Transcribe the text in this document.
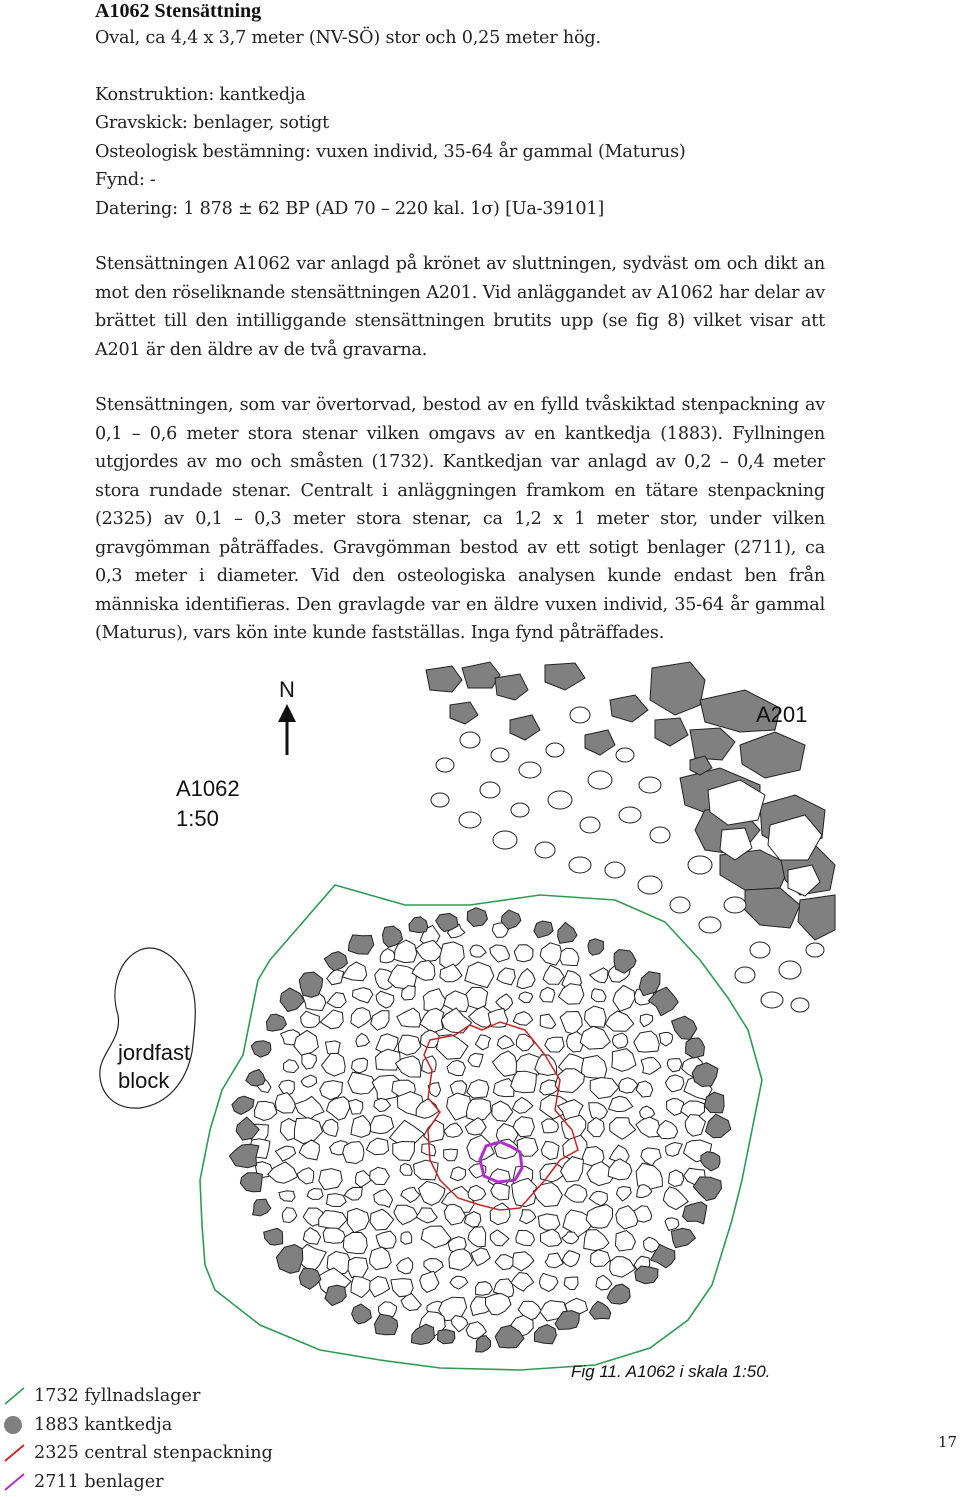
A1062 Stensättning

Oval, ca 4,4 x 3,7 meter (NV-SÖ) stor och 0,25 meter hög.

Konstruktion: kantkedja

Gravskick: benlager, sotigt

Osteologisk bestämning: vuxen individ, 35-64 år gammal (Maturus)

Fynd: -

Datering: 1 878 ± 62 BP (AD 70 – 220 kal. 1σ) [Ua-39101]

Stensättningen A1062 var anlagd på krönet av sluttningen, sydväst om och dikt an mot den röseliknande stensättningen A201. Vid anläggandet av A1062 har delar av brättet till den intilliggande stensättningen brutits upp (se fig 8) vilket visar att A201 är den äldre av de två gravarna.

Stensättningen, som var övertorvad, bestod av en fylld tvåskiktad stenpackning av 0,1 – 0,6 meter stora stenar vilken omgavs av en kantkedja (1883). Fyllningen utgjordes av mo och småsten (1732). Kantkedjan var anlagd av 0,2 – 0,4 meter stora rundade stenar. Centralt i anläggningen framkom en tätare stenpackning (2325) av 0,1 – 0,3 meter stora stenar, ca 1,2 x 1 meter stor, under vilken gravgömman påträffades. Gravgömman bestod av ett sotigt benlager (2711), ca 0,3 meter i diameter. Vid den osteologiska analysen kunde endast ben från människa identifieras. Den gravlagde var en äldre vuxen individ, 35-64 år gammal (Maturus), vars kön inte kunde fastställas. Inga fynd påträffades.

N
A201
A1062
1:50
jordfast
block
Fig 11. A1062 i skala 1:50.
1732 fyllnadslager
1883 kantkedja
2325 central stenpackning
2711 benlager
17
